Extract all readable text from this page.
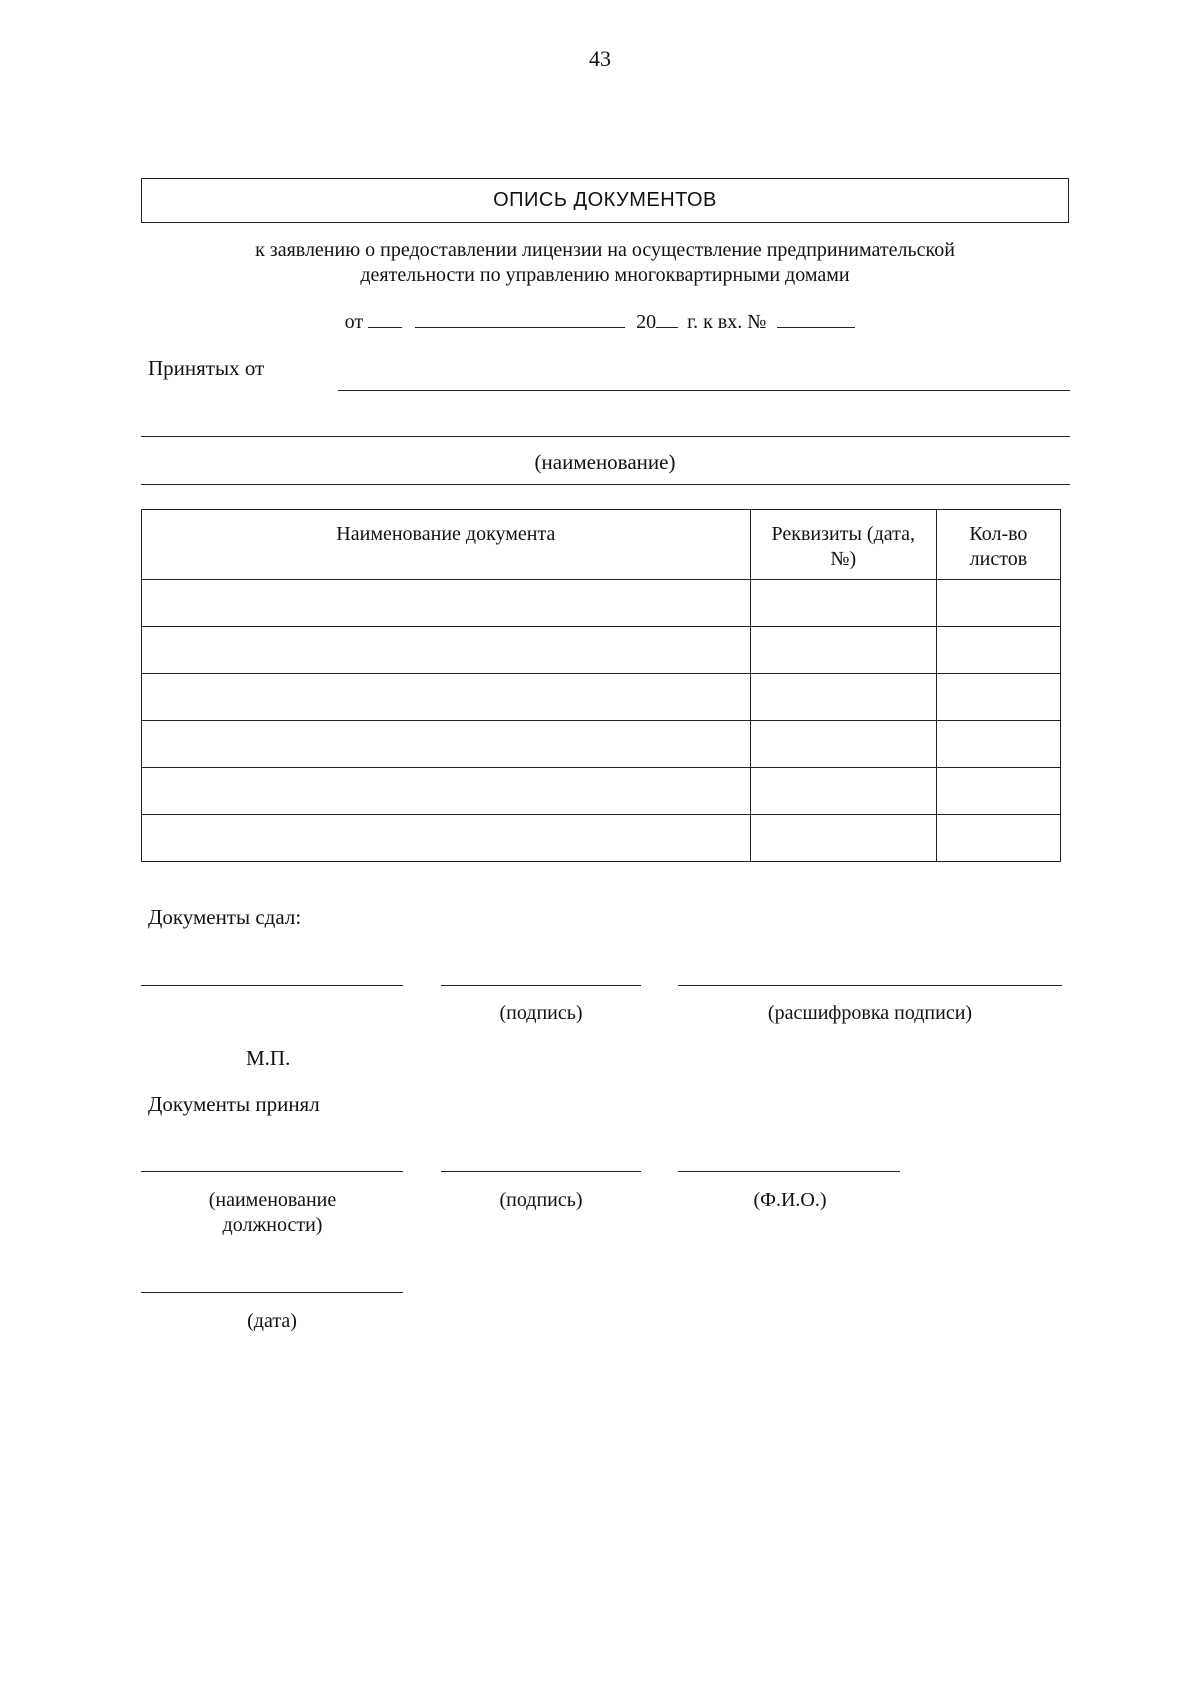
43
ОПИСЬ ДОКУМЕНТОВ
к заявлению о предоставлении лицензии на осуществление предпринимательской
деятельности по управлению многоквартирными домами
от	20 г. к вх. №
Принятых от
(наименование)
Наименование документа	Реквизиты (дата, №)	Кол-во листов

Документы сдал:
(подпись)	(расшифровка подписи)
М.П.
Документы принял
(наименование должности)
(подпись)	(Ф.И.О.)
(дата)
